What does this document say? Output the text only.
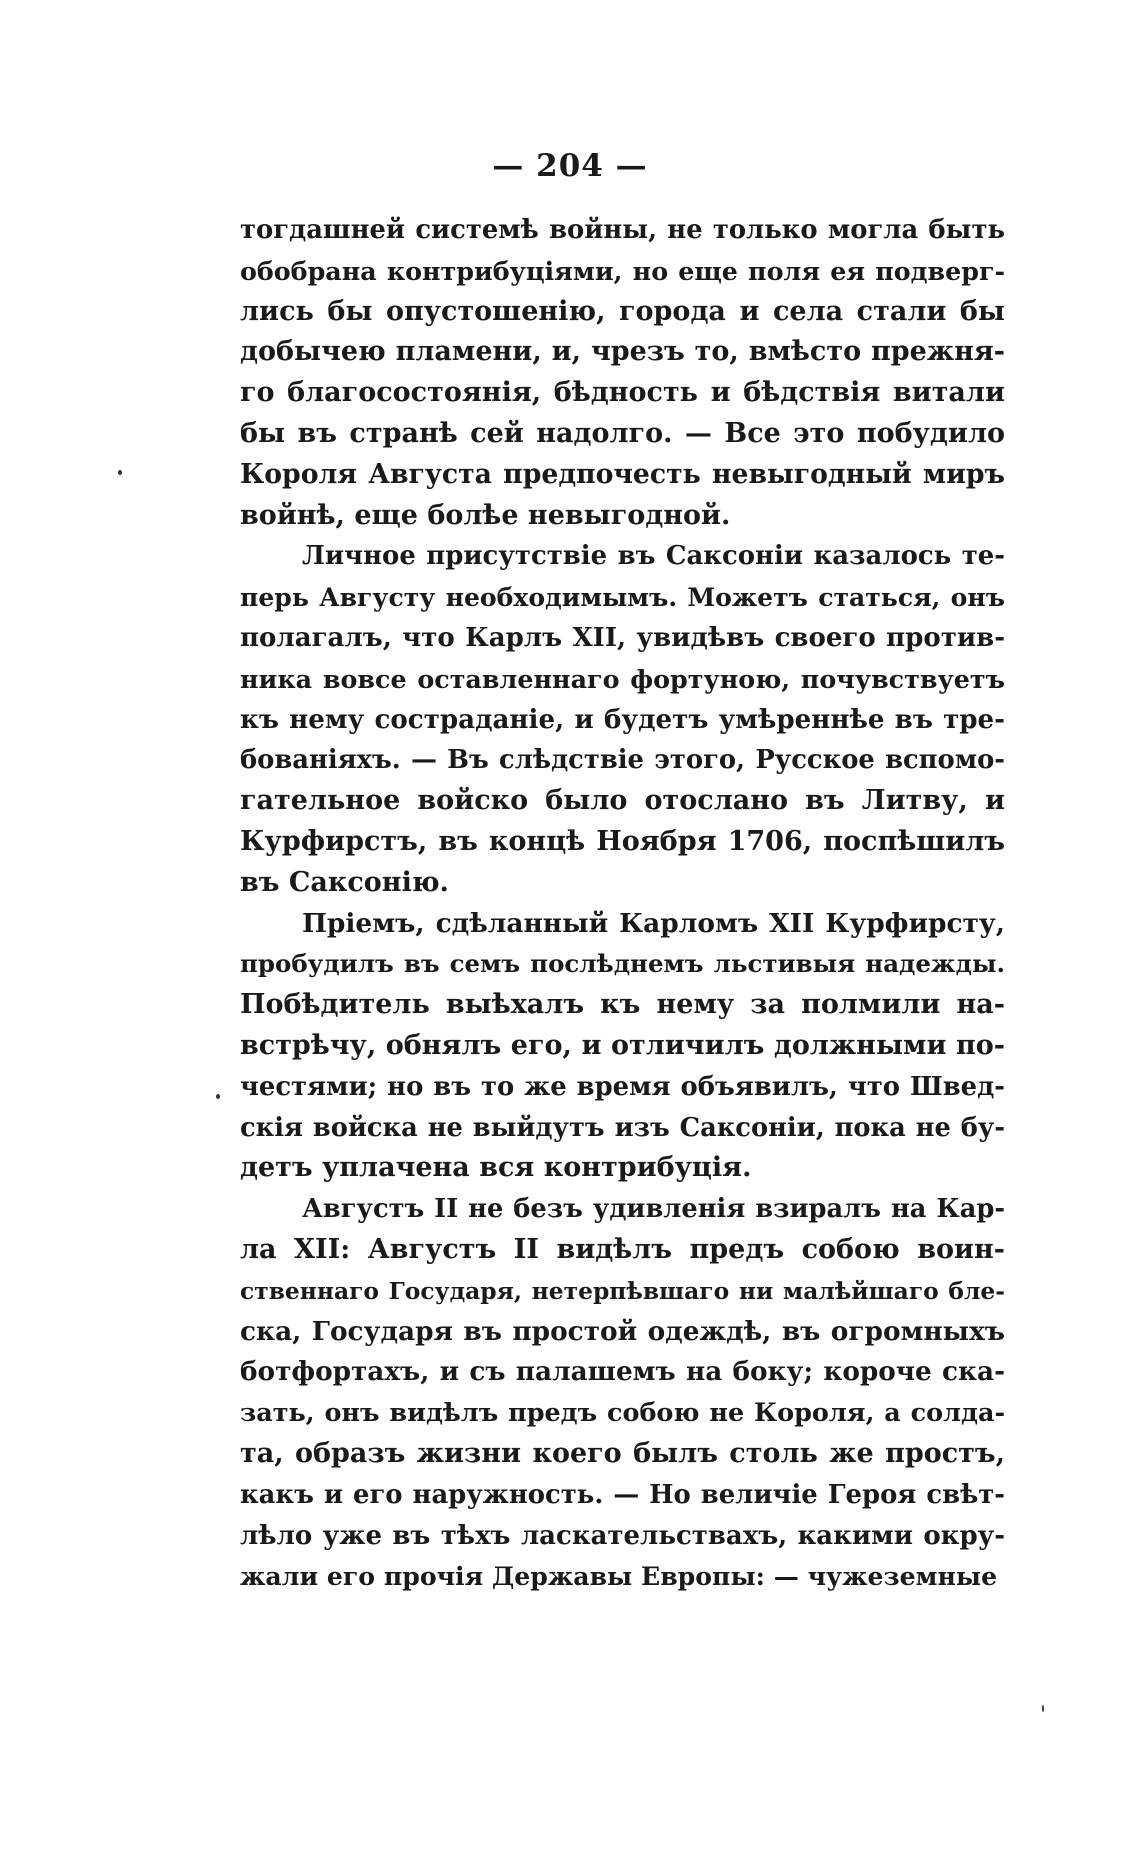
— 204 —
тогдашней системѣ войны, не только могла быть
обобрана контрибуціями, но еще поля ея подверг-
лись бы опустошенію, города и села стали бы
добычею пламени, и, чрезъ то, вмѣсто прежня-
го благосостоянія, бѣдность и бѣдствія витали
бы въ странѣ сей надолго. — Все это побудило
Короля Августа предпочесть невыгодный миръ
войнѣ, еще болѣе невыгодной.
Личное присутствіе въ Саксоніи казалось те-
перь Августу необходимымъ. Можетъ статься, онъ
полагалъ, что Карлъ XII, увидѣвъ своего против-
ника вовсе оставленнаго фортуною, почувствуетъ
къ нему состраданіе, и будетъ умѣреннѣе въ тре-
бованіяхъ. — Въ слѣдствіе этого, Русское вспомо-
гательное войско было отослано въ Литву, и
Курфирстъ, въ концѣ Ноября 1706, поспѣшилъ
въ Саксонію.
Пріемъ, сдѣланный Карломъ XII Курфирсту,
пробудилъ въ семъ послѣднемъ льстивыя надежды.
Побѣдитель выѣхалъ къ нему за полмили на-
встрѣчу, обнялъ его, и отличилъ должными по-
честями; но въ то же время объявилъ, что Швед-
скія войска не выйдутъ изъ Саксоніи, пока не бу-
детъ уплачена вся контрибуція.
Августъ II не безъ удивленія взиралъ на Кар-
ла XII: Августъ II видѣлъ предъ собою воин-
ственнаго Государя, нетерпѣвшаго ни малѣйшаго бле-
ска, Государя въ простой одеждѣ, въ огромныхъ
ботфортахъ, и съ палашемъ на боку; короче ска-
зать, онъ видѣлъ предъ собою не Короля, а солда-
та, образъ жизни коего былъ столь же простъ,
какъ и его наружность. — Но величіе Героя свѣт-
лѣло уже въ тѣхъ ласкательствахъ, какими окру-
жали его прочія Державы Европы: — чужеземные
